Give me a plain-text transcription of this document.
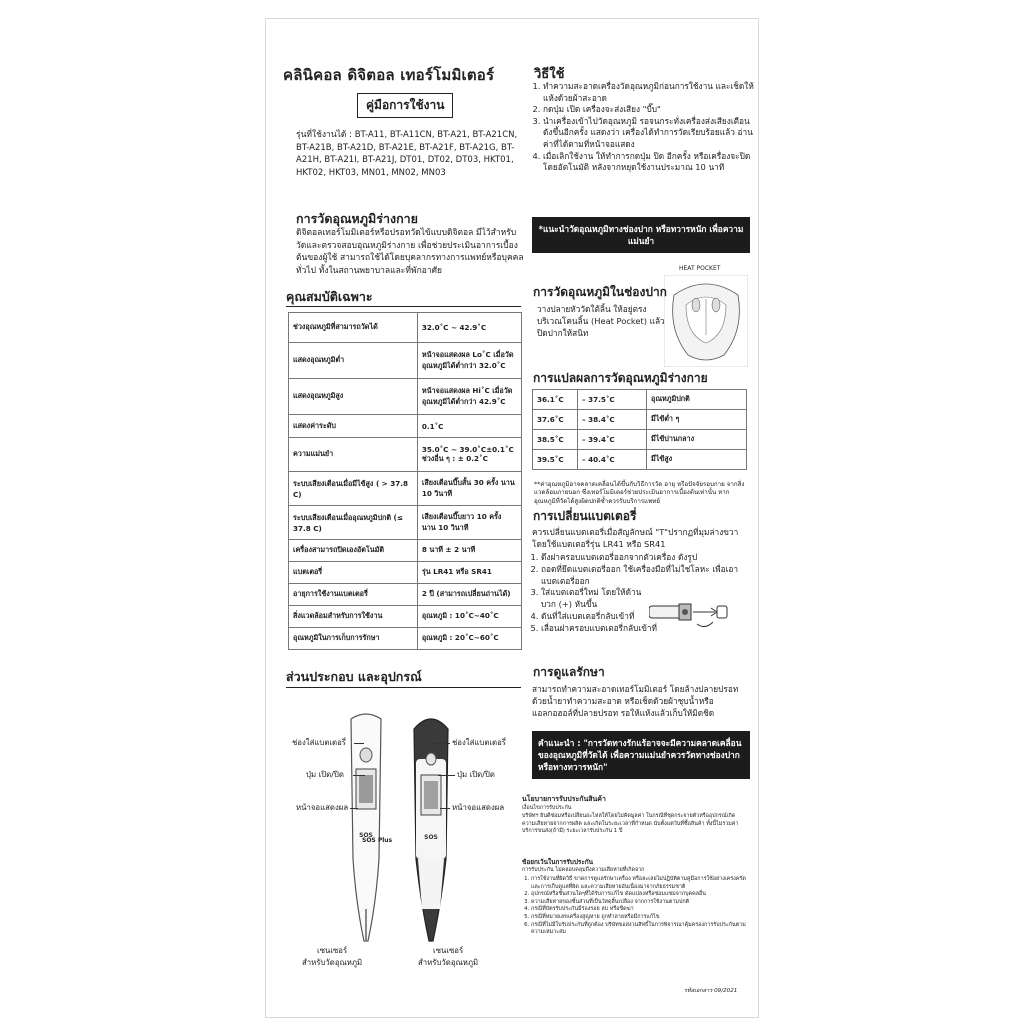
คลินิคอล ดิจิตอล เทอร์โมมิเตอร์
คู่มือการใช้งาน
รุ่นที่ใช้งานได้ : BT-A11, BT-A11CN, BT-A21, BT-A21CN, BT-A21B, BT-A21D, BT-A21E, BT-A21F, BT-A21G, BT-A21H, BT-A21I, BT-A21J, DT01, DT02, DT03, HKT01, HKT02, HKT03, MN01, MN02, MN03
การวัดอุณหภูมิร่างกาย
ดิจิตอลเทอร์โมมิเตอร์หรือปรอทวัดไข้แบบดิจิตอล มีไว้สำหรับวัดและตรวจสอบอุณหภูมิร่างกาย เพื่อช่วยประเมินอาการเบื้องต้นของผู้ใช้ สามารถใช้ได้โดยบุคลากรทางการแพทย์หรือบุคคลทั่วไป ทั้งในสถานพยาบาลและที่พักอาศัย
คุณสมบัติเฉพาะ
ช่วงอุณหภูมิที่สามารถวัดได้	32.0˚C ~ 42.9˚C
แสดงอุณหภูมิต่ำ	หน้าจอแสดงผล Lo˚C เมื่อวัดอุณหภูมิได้ต่ำกว่า 32.0˚C
แสดงอุณหภูมิสูง	หน้าจอแสดงผล Hi˚C เมื่อวัดอุณหภูมิได้ต่ำกว่า 42.9˚C
แสดงค่าระดับ	0.1˚C
ความแม่นยำ	35.0˚C ~ 39.0˚C±0.1˚C ช่วงอื่น ๆ : ± 0.2˚C
ระบบเสียงเตือนเมื่อมีไข้สูง ( > 37.8 C)	เสียงเตือนบี๊บสั้น 30 ครั้ง นาน 10 วินาที
ระบบเสียงเตือนเมื่ออุณหภูมิปกติ (≤ 37.8 C)	เสียงเตือนบี๊บยาว 10 ครั้ง นาน 10 วินาที
เครื่องสามารถปิดเองอัตโนมัติ	8 นาที ± 2 นาที
แบตเตอรี่	รุ่น LR41 หรือ SR41
อายุการใช้งานแบตเตอรี่	2 ปี (สามารถเปลี่ยนถ่านได้)
สิ่งแวดล้อมสำหรับการใช้งาน	อุณหภูมิ : 10˚C~40˚C
อุณหภูมิในการเก็บการรักษา	อุณหภูมิ : 20˚C~60˚C
ส่วนประกอบ และอุปกรณ์
SOS	SOS
SOS Plus
ช่องใส่แบตเตอรี่
ปุ่ม เปิด/ปิด
หน้าจอแสดงผล
เซนเซอร์
สำหรับวัดอุณหภูมิ
ช่องใส่แบตเตอรี่
ปุ่ม เปิด/ปิด
หน้าจอแสดงผล
เซนเซอร์
สำหรับวัดอุณหภูมิ
วิธีใช้
1. ทำความสะอาดเครื่องวัดอุณหภูมิก่อนการใช้งาน และเช็ดให้แห้งด้วยผ้าสะอาด
2. กดปุ่ม เปิด เครื่องจะส่งเสียง "บี๊บ"
3. นำเครื่องเข้าไปวัดอุณหภูมิ รอจนกระทั่งเครื่องส่งเสียงเตือนดังขึ้นอีกครั้ง แสดงว่า เครื่องได้ทำการวัดเรียบร้อยแล้ว อ่านค่าที่ได้ตามที่หน้าจอแสดง
4. เมื่อเลิกใช้งาน ให้ทำการกดปุ่ม ปิด อีกครั้ง หรือเครื่องจะปิดโดยอัตโนมัติ หลังจากหยุดใช้งานประมาณ 10 นาที
*แนะนำวัดอุณหภูมิทางช่องปาก หรือทวารหนัก เพื่อความแม่นยำ
HEAT POCKET
การวัดอุณหภูมิในช่องปาก
วางปลายหัววัดใต้ลิ้น ให้อยู่ตรงบริเวณโคนลิ้น (Heat Pocket) แล้วปิดปากให้สนิท
การแปลผลการวัดอุณหภูมิร่างกาย
36.1˚C	– 37.5˚C	อุณหภูมิปกติ
37.6˚C	– 38.4˚C	มีไข้ต่ำ ๆ
38.5˚C	– 39.4˚C	มีไข้ปานกลาง
39.5˚C	– 40.4˚C	มีไข้สูง
**ค่าอุณหภูมิอาจคลาดเคลื่อนได้ขึ้นกับวิธีการวัด อายุ หรือปัจจัยรอบกาย จากสิ่งแวดล้อมภายนอก ซึ่งเทอร์โมมิเตอร์ช่วยประเมินอาการเบื้องต้นเท่านั้น หากอุณหภูมิที่วัดได้สูงผิดปกติซ้ำควรรับบริการแพทย์
การเปลี่ยนแบตเตอรี่
ควรเปลี่ยนแบตเตอรี่เมื่อสัญลักษณ์ "T"ปรากฏที่มุมล่างขวา โดยใช้แบตเตอรี่รุ่น LR41 หรือ SR41
1. ดึงฝาครอบแบตเตอรี่ออกจากตัวเครื่อง ดังรูป
2. ถอดที่ยึดแบตเตอรี่ออก ใช้เครื่องมือที่ไม่ใช่โลหะ เพื่อเอาแบตเตอรี่ออก
3. ใส่แบตเตอรี่ใหม่ โดยให้ด้านบวก (+) หันขึ้น
4. ดันที่ใส่แบตเตอรี่กลับเข้าที่
5. เลื่อนฝาครอบแบตเตอรี่กลับเข้าที่
การดูแลรักษา
สามารถทำความสะอาดเทอร์โมมิเตอร์ โดยล้างปลายปรอทด้วยน้ำยาทำความสะอาด หรือเช็ดด้วยผ้าชุบน้ำหรือแอลกอฮอล์ที่ปลายปรอท รอให้แห้งแล้วเก็บให้มิดชิด
คำแนะนำ : "การวัดทางรักแร้อาจจะมีความคลาดเคลื่อนของอุณหภูมิที่วัดได้ เพื่อความแม่นยำควรวัดทางช่องปาก หรือทางทวารหนัก"
นโยบายการรับประกันสินค้า
เงื่อนไขการรับประกัน
บริษัทฯ ยินดีซ่อมหรือเปลี่ยนอะไหล่ให้โดยไม่คิดมูลค่า ในกรณีที่ชุดกระจายตัวหรืออุปกรณ์เกิดความเสียหายจากการผลิต และเกิดในระยะเวลาที่กำหนด นับตั้งแต่วันที่ซื้อสินค้า ทั้งนี้ไม่รวมค่าบริการขนส่ง(ถ้ามี) ระยะเวลารับประกัน 1 ปี
ข้อยกเว้นในการรับประกัน
การรับประกัน ไม่คลอบคลุมถึงความเสียหายที่เกิดจาก
1. การใช้งานที่ผิดวิธี ขาดการดูแลรักษาเครื่อง หรือละเลยไม่ปฏิบัติตามคู่มือการใช้อย่างเคร่งครัด และการเก็บดูแลที่ผิด และความเสียหายอันเนื่องมาจากภัยธรรมชาติ
2. อุปกรณ์หรือชิ้นส่วนใดๆที่ได้รับการแก้ไข ดัดแปลงหรือซ่อมแซมจากบุคคลอื่น
3. ความเสียหายของชิ้นส่วนที่เป็นวัสดุสิ้นเปลือง จากการใช้งานตามปกติ
4. กรณีที่บัตรรับประกันมีร่องรอย ลบ หรือขีดฆ่า
5. กรณีที่หมายเลขเครื่องสูญหาย ถูกทำลายหรือมีการแก้ไข
6. กรณีที่ไม่มีใบรับประกันที่ถูกต้อง บริษัทขอสงวนสิทธิ์ในการพิจารณาคุ้มครองการรับประกันตามความเหมาะสม
รหัสเอกสาร 09/2021
